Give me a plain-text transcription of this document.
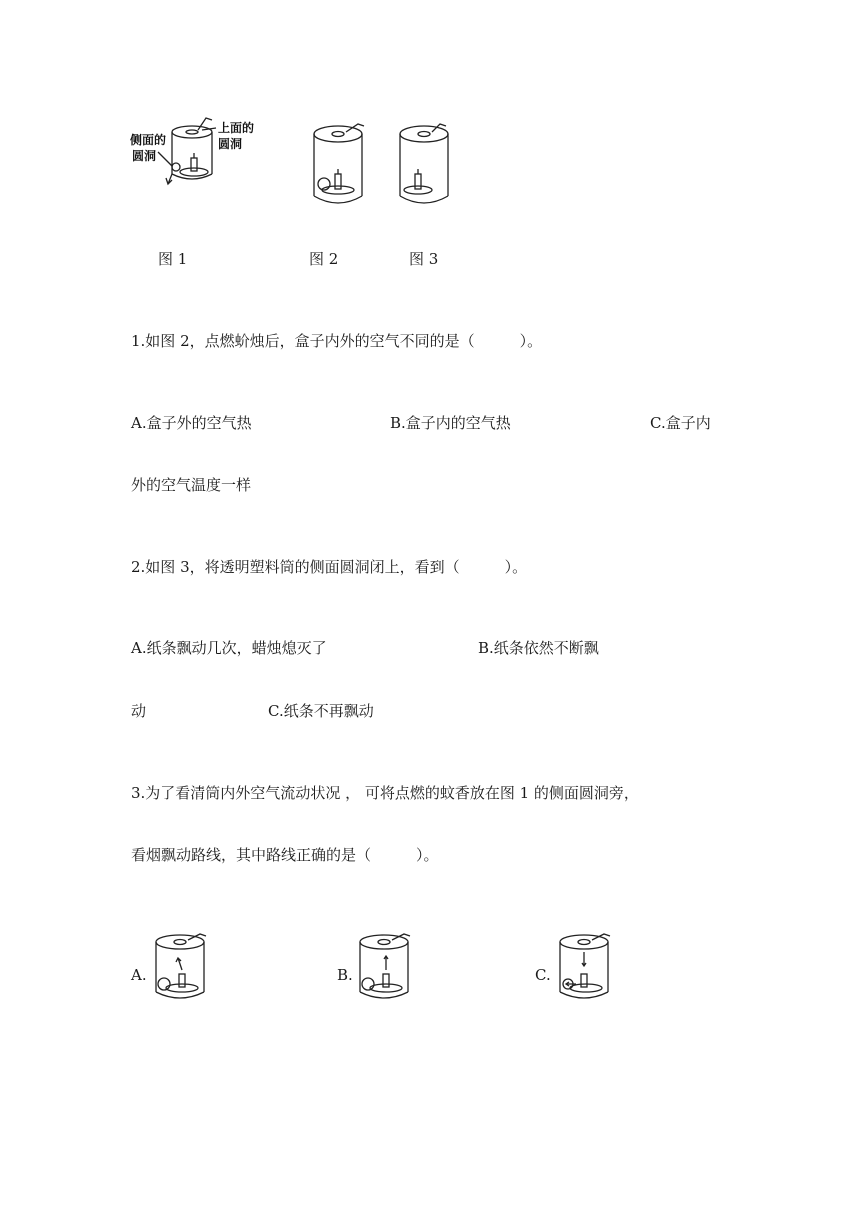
上面的
圆洞
侧面的
圆洞
图 1	图 2	图 3
1.如图 2，点燃蚧烛后，盒子内外的空气不同的是（　　　）。
A.盒子外的空气热	B.盒子内的空气热	C.盒子内
外的空气温度一样
2.如图 3，将透明塑料筒的侧面圆洞闭上，看到（　　　）。
A.纸条飘动几次，蜡烛熄灭了	B.纸条依然不断飘
动	C.纸条不再飘动
3.为了看清筒内外空气流动状况 ， 可将点燃的蚊香放在图 1 的侧面圆洞旁，
看烟飘动路线，其中路线正确的是（　　　）。
A.	B.	C.
